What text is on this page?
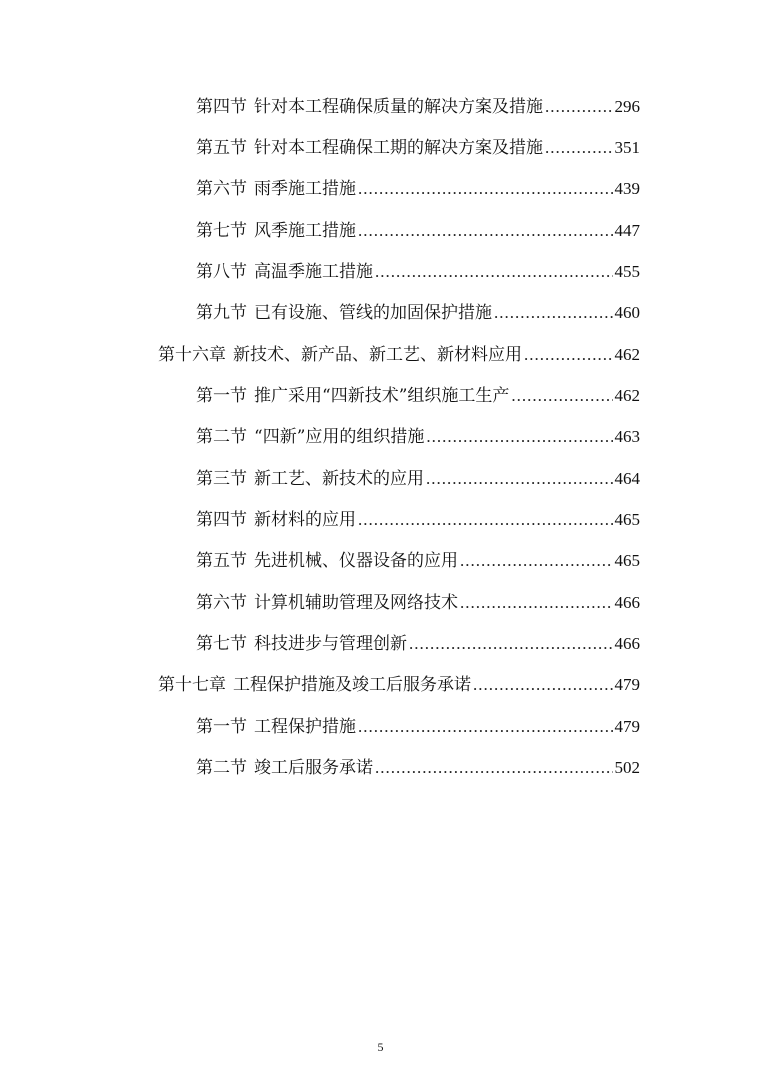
第四节 针对本工程确保质量的解决方案及措施 .....	296
第五节 针对本工程确保工期的解决方案及措施 .....	351
第六节 雨季施工措施 .....	439
第七节 风季施工措施 .....	447
第八节 高温季施工措施 .....	455
第九节 已有设施、管线的加固保护措施 .....	460
第十六章 新技术、新产品、新工艺、新材料应用 .....	462
第一节 推广采用“四新技术”组织施工生产 .....	462
第二节 “四新”应用的组织措施 .....	463
第三节 新工艺、新技术的应用 .....	464
第四节 新材料的应用 .....	465
第五节 先进机械、仪器设备的应用 .....	465
第六节 计算机辅助管理及网络技术 .....	466
第七节 科技进步与管理创新 .....	466
第十七章 工程保护措施及竣工后服务承诺 .....	479
第一节 工程保护措施 .....	479
第二节 竣工后服务承诺 .....	502
5
